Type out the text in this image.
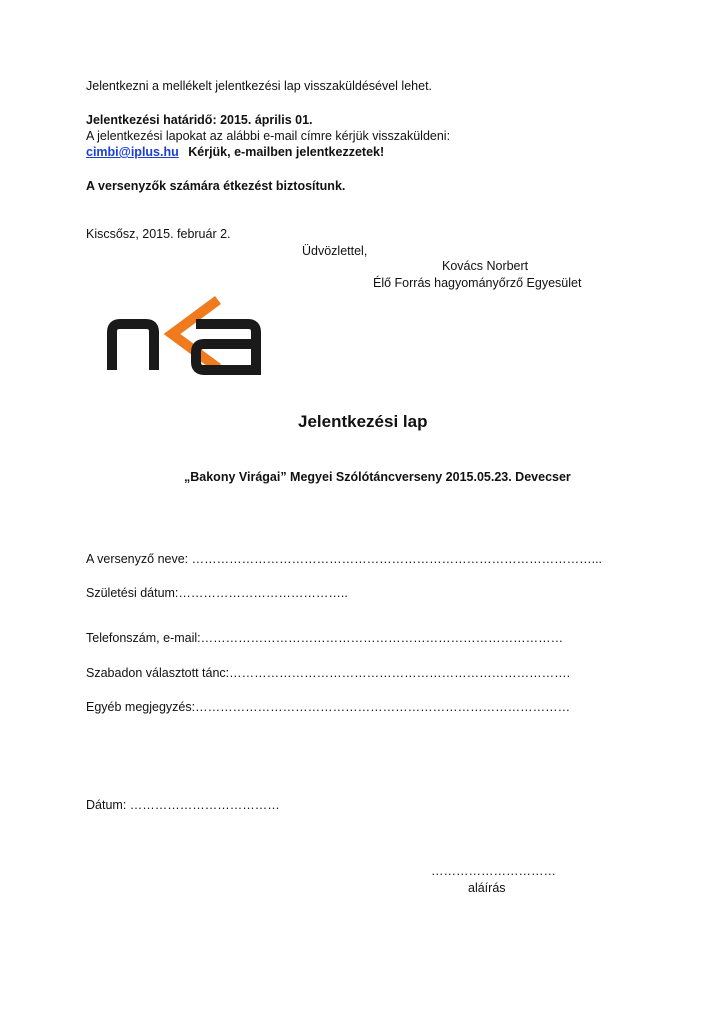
Jelentkezni a mellékelt jelentkezési lap visszaküldésével lehet.
Jelentkezési határidő: 2015. április 01.
A jelentkezési lapokat az alábbi e-mail címre kérjük visszaküldeni:
cimbi@iplus.hu Kérjük, e-mailben jelentkezzetek!
A versenyzők számára étkezést biztosítunk.
Kiscsősz, 2015. február 2.
Üdvözlettel,
Kovács Norbert
Élő Forrás hagyományőrző Egyesület
Jelentkezési lap
„Bakony Virágai” Megyei Szólótáncverseny 2015.05.23. Devecser
A versenyző neve: ……………………………………………………………………………………...
Születési dátum:…………………………………..
Telefonszám, e-mail:……………………………………………………………………………
Szabadon választott tánc:……………………………………………………………………….
Egyéb megjegyzés:………………………………………………………………………………
Dátum: ………………………………
…………………………
aláírás
